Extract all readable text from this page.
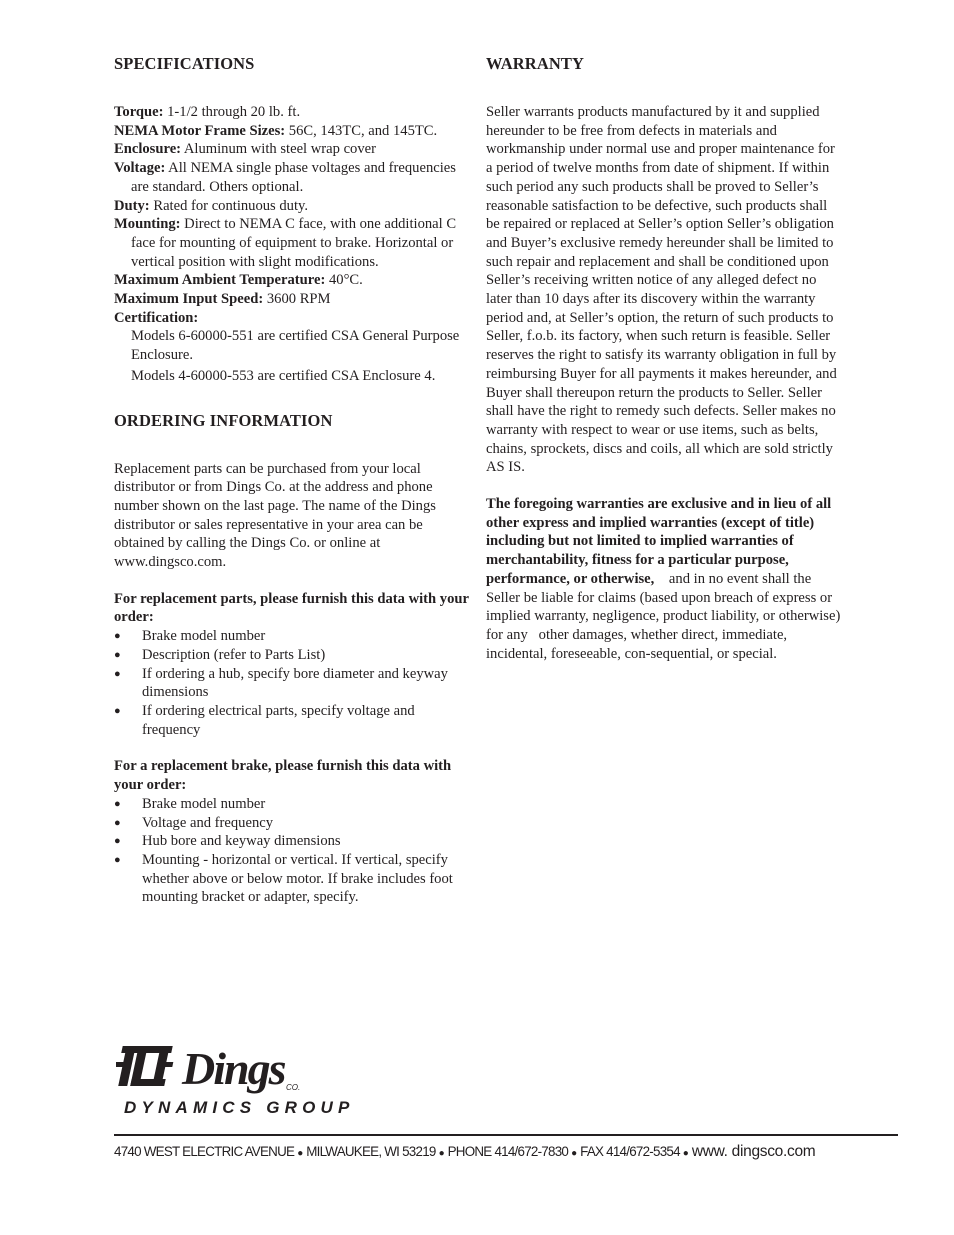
SPECIFICATIONS

Torque: 1-1/2 through 20 lb. ft.

NEMA Motor Frame Sizes: 56C, 143TC, and 145TC.

Enclosure: Aluminum with steel wrap cover

Voltage: All NEMA single phase voltages and frequencies are standard. Others optional.

Duty: Rated for continuous duty.

Mounting: Direct to NEMA C face, with one additional C face for mounting of equipment to brake. Horizontal or vertical position with slight modifications.

Maximum Ambient Temperature: 40°C.

Maximum Input Speed: 3600 RPM

Certification:

Models 6-60000-551 are certified CSA General Purpose Enclosure.

Models 4-60000-553 are certified CSA Enclosure 4.

ORDERING INFORMATION

Replacement parts can be purchased from your local distributor or from Dings Co. at the address and phone number shown on the last page. The name of the Dings distributor or sales representative in your area can be obtained by calling the Dings Co. or online at www.dingsco.com.

For replacement parts, please furnish this data with your order:

● Brake model number
● Description (refer to Parts List)
● If ordering a hub, specify bore diameter and keyway dimensions
● If ordering electrical parts, specify voltage and frequency

For a replacement brake, please furnish this data with your order:

● Brake model number
● Voltage and frequency
● Hub bore and keyway dimensions
● Mounting - horizontal or vertical. If vertical, specify whether above or below motor. If brake includes foot mounting bracket or adapter, specify.
WARRANTY

Seller warrants products manufactured by it and supplied hereunder to be free from defects in materials and workmanship under normal use and proper maintenance for a period of twelve months from date of shipment. If within such period any such products shall be proved to Seller’s reasonable satisfaction to be defective, such products shall be repaired or replaced at Seller’s option Seller’s obligation and Buyer’s exclusive remedy hereunder shall be limited to such repair and replacement and shall be conditioned upon Seller’s receiving written notice of any alleged defect no later than 10 days after its discovery within the warranty period and, at Seller’s option, the return of such products to Seller, f.o.b. its factory, when such return is feasible. Seller reserves the right to satisfy its warranty obligation in full by reimbursing Buyer for all payments it makes hereunder, and Buyer shall thereupon return the products to Seller. Seller shall have the right to remedy such defects. Seller makes no warranty with respect to wear or use items, such as belts, chains, sprockets, discs and coils, all which are sold strictly AS IS.

The foregoing warranties are exclusive and in lieu of all other express and implied warranties (except of title) including but not limited to implied warranties of merchantability, fitness for a particular purpose, performance, or otherwise,    and in no event shall the Seller be liable for claims (based upon breach of express or implied warranty, negligence, product liability, or otherwise) for any   other damages, whether direct, immediate, incidental, foreseeable, con-sequential, or special.

Dings CO.
DYNAMICS GROUP
4740 WEST ELECTRIC AVENUE ● MILWAUKEE, WI 53219 ● PHONE 414/672-7830 ● FAX 414/672-5354 ● www. dingsco.com
